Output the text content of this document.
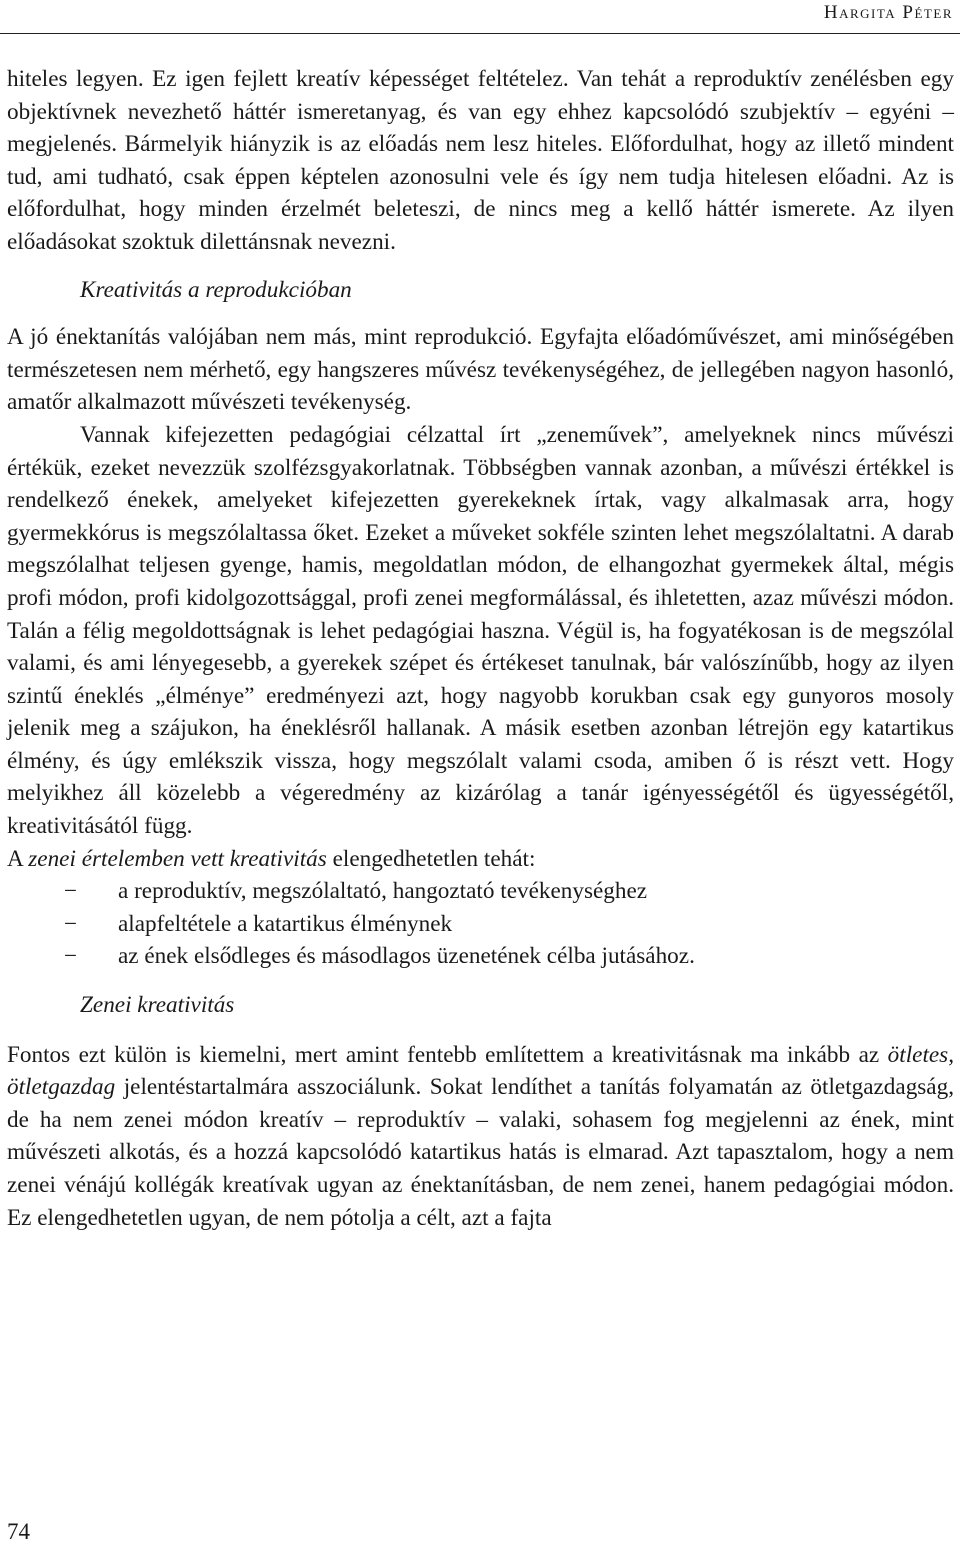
Hargita Péter

hiteles legyen. Ez igen fejlett kreatív képességet feltételez. Van tehát a reproduktív zenélésben egy objektívnek nevezhető háttér ismeretanyag, és van egy ehhez kapcsolódó szubjektív – egyéni – megjelenés. Bármelyik hiányzik is az előadás nem lesz hiteles. Előfordulhat, hogy az illető mindent tud, ami tudható, csak éppen képtelen azonosulni vele és így nem tudja hitelesen előadni. Az is előfordulhat, hogy minden érzelmét beleteszi, de nincs meg a kellő háttér ismerete. Az ilyen előadásokat szoktuk dilettánsnak nevezni.

Kreativitás a reprodukcióban

A jó énektanítás valójában nem más, mint reprodukció. Egyfajta előadóművészet, ami minőségében természetesen nem mérhető, egy hangszeres művész tevékenységéhez, de jellegében nagyon hasonló, amatőr alkalmazott művészeti tevékenység.

Vannak kifejezetten pedagógiai célzattal írt „zeneművek”, amelyeknek nincs művészi értékük, ezeket nevezzük szolfézsgyakorlatnak. Többségben vannak azonban, a művészi értékkel is rendelkező énekek, amelyeket kifejezetten gyerekeknek írtak, vagy alkalmasak arra, hogy gyermekkórus is megszólaltassa őket. Ezeket a műveket sokféle szinten lehet megszólaltatni. A darab megszólalhat teljesen gyenge, hamis, megoldatlan módon, de elhangozhat gyermekek által, mégis profi módon, profi kidolgozottsággal, profi zenei megformálással, és ihletetten, azaz művészi módon. Talán a félig megoldottságnak is lehet pedagógiai haszna. Végül is, ha fogyatékosan is de megszólal valami, és ami lényegesebb, a gyerekek szépet és értékeset tanulnak, bár valószínűbb, hogy az ilyen szintű éneklés „élménye” eredményezi azt, hogy nagyobb korukban csak egy gunyoros mosoly jelenik meg a szájukon, ha éneklésről hallanak. A másik esetben azonban létrejön egy katartikus élmény, és úgy emlékszik vissza, hogy megszólalt valami csoda, amiben ő is részt vett. Hogy melyikhez áll közelebb a végeredmény az kizárólag a tanár igényességétől és ügyességétől, kreativitásától függ.

A zenei értelemben vett kreativitás elengedhetetlen tehát:

− a reproduktív, megszólaltató, hangoztató tevékenységhez
− alapfeltétele a katartikus élménynek
− az ének elsődleges és másodlagos üzenetének célba jutásához.
Zenei kreativitás

Fontos ezt külön is kiemelni, mert amint fentebb említettem a kreativitásnak ma inkább az ötletes, ötletgazdag jelentéstartalmára asszociálunk. Sokat lendíthet a tanítás folyamatán az ötletgazdagság, de ha nem zenei módon kreatív – reproduktív – valaki, sohasem fog megjelenni az ének, mint művészeti alkotás, és a hozzá kapcsolódó katartikus hatás is elmarad. Azt tapasztalom, hogy a nem zenei vénájú kollégák kreatívak ugyan az énektanításban, de nem zenei, hanem pedagógiai módon. Ez elengedhetetlen ugyan, de nem pótolja a célt, azt a fajta

74
